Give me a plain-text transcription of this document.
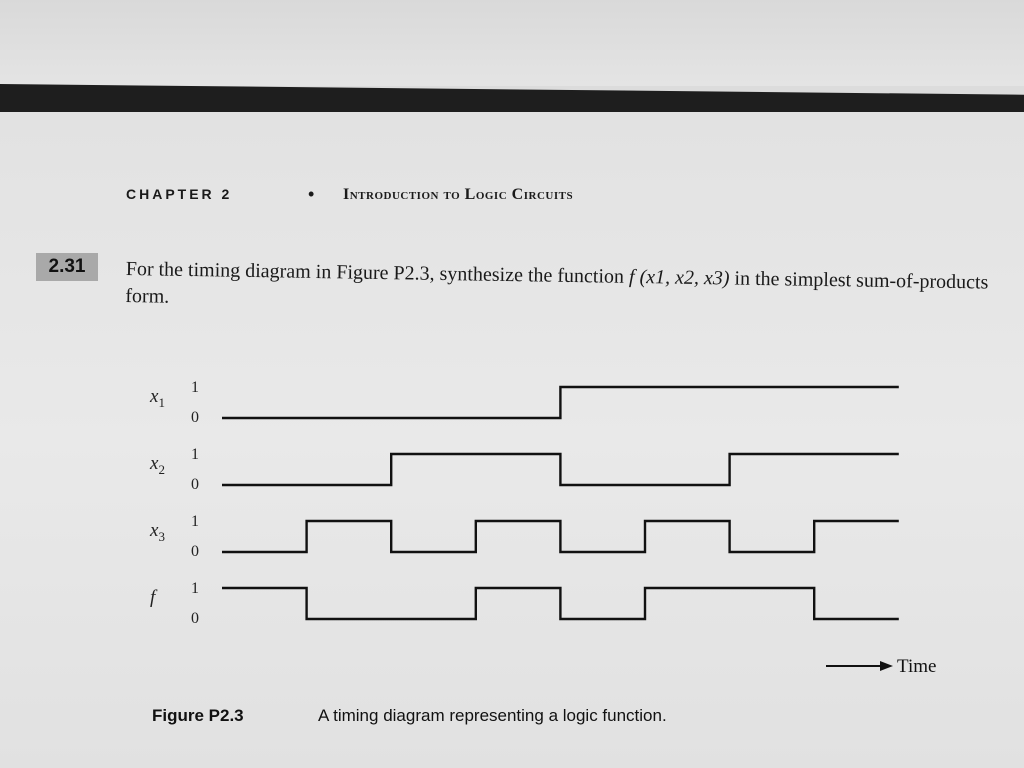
CHAPTER 2	• Introduction to Logic Circuits
2.31	For the timing diagram in Figure P2.3, synthesize the function f (x1, x2, x3) in the simplest sum-of-products form.
$x_1$
1
0
$x_2$
1
0
$x_3$
1
0
f 1
0
Time
Figure P2.3	A timing diagram representing a logic function.
